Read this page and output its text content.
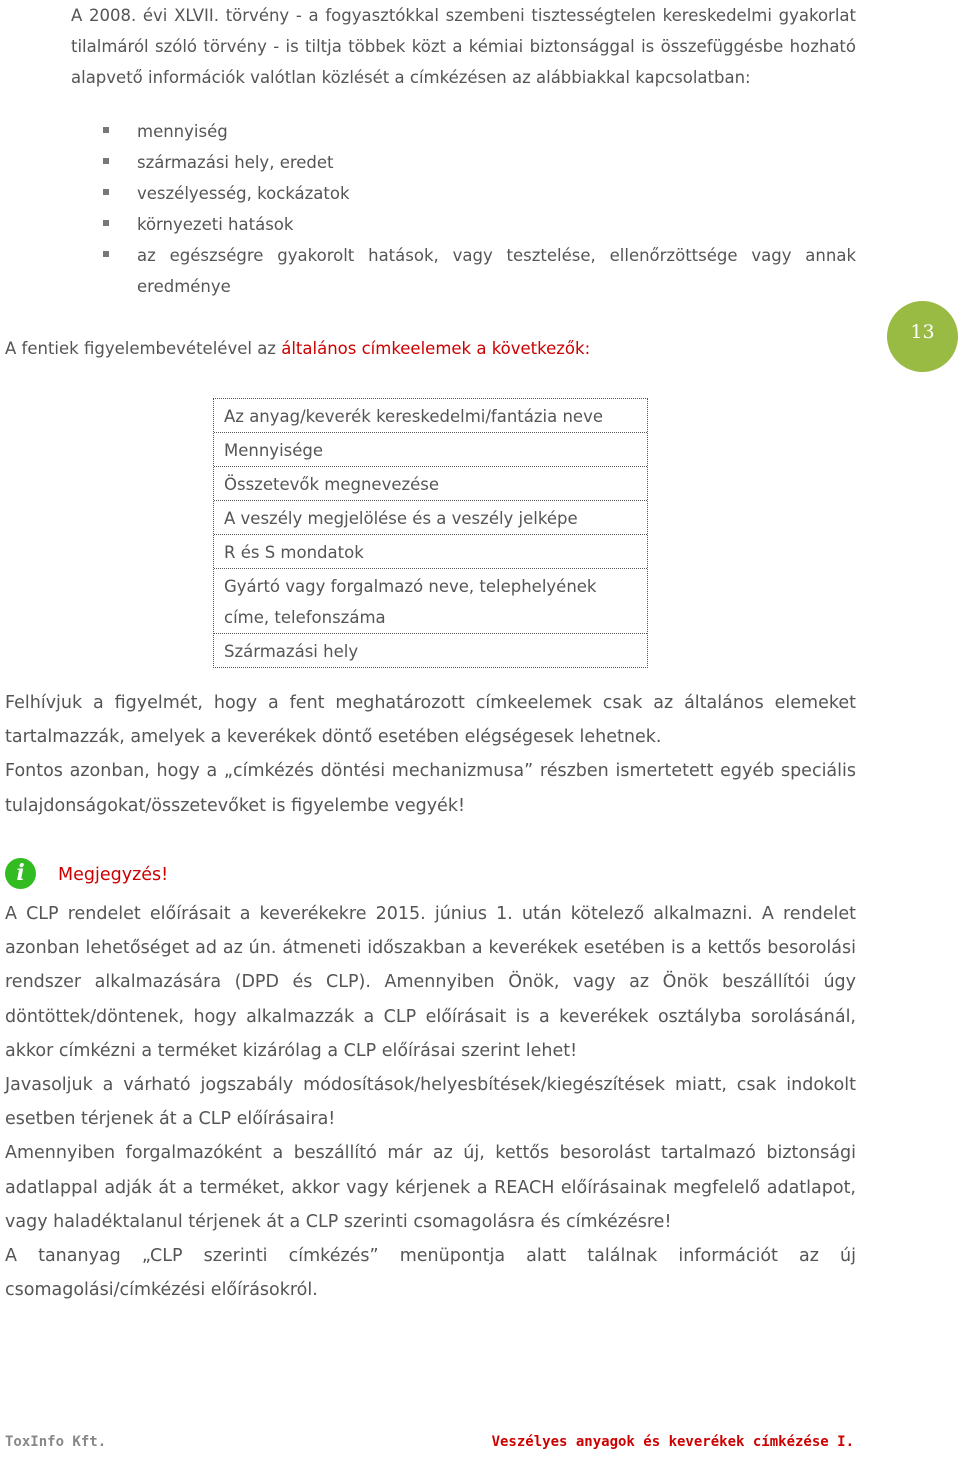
A 2008. évi XLVII. törvény - a fogyasztókkal szembeni tisztességtelen kereskedelmi gyakorlat tilalmáról szóló törvény - is tiltja többek közt a kémiai biztonsággal is összefüggésbe hozható alapvető információk valótlan közlését a címkézésen az alábbiakkal kapcsolatban:

mennyiség
származási hely, eredet
veszélyesség, kockázatok
környezeti hatások
az egészségre gyakorolt hatások, vagy tesztelése, ellenőrzöttsége vagy annak eredménye

A fentiek figyelembevételével az általános címkeelemek a következők:

13
Az anyag/keverék kereskedelmi/fantázia neve
Mennyisége
Összetevők megnevezése
A veszély megjelölése és a veszély jelképe
R és S mondatok
Gyártó vagy forgalmazó neve, telephelyének címe, telefonszáma
Származási hely

Felhívjuk a figyelmét, hogy a fent meghatározott címkeelemek csak az általános elemeket tartalmazzák, amelyek a keverékek döntő esetében elégségesek lehetnek.

Fontos azonban, hogy a „címkézés döntési mechanizmusa” részben ismertetett egyéb speciális tulajdonságokat/összetevőket is figyelembe vegyék!

i	Megjegyzés!

A CLP rendelet előírásait a keverékekre 2015. június 1. után kötelező alkalmazni. A rendelet azonban lehetőséget ad az ún. átmeneti időszakban a keverékek esetében is a kettős besorolási rendszer alkalmazására (DPD és CLP). Amennyiben Önök, vagy az Önök beszállítói úgy döntöttek/döntenek, hogy alkalmazzák a CLP előírásait is a keverékek osztályba sorolásánál, akkor címkézni a terméket kizárólag a CLP előírásai szerint lehet!

Javasoljuk a várható jogszabály módosítások/helyesbítések/kiegészítések miatt, csak indokolt esetben térjenek át a CLP előírásaira!

Amennyiben forgalmazóként a beszállító már az új, kettős besorolást tartalmazó biztonsági adatlappal adják át a terméket, akkor vagy kérjenek a REACH előírásainak megfelelő adatlapot, vagy haladéktalanul térjenek át a CLP szerinti csomagolásra és címkézésre!

A tananyag „CLP szerinti címkézés” menüpontja alatt találnak információt az új csomagolási/címkézési előírásokról.

ToxInfo Kft.	Veszélyes anyagok és keverékek címkézése I.
